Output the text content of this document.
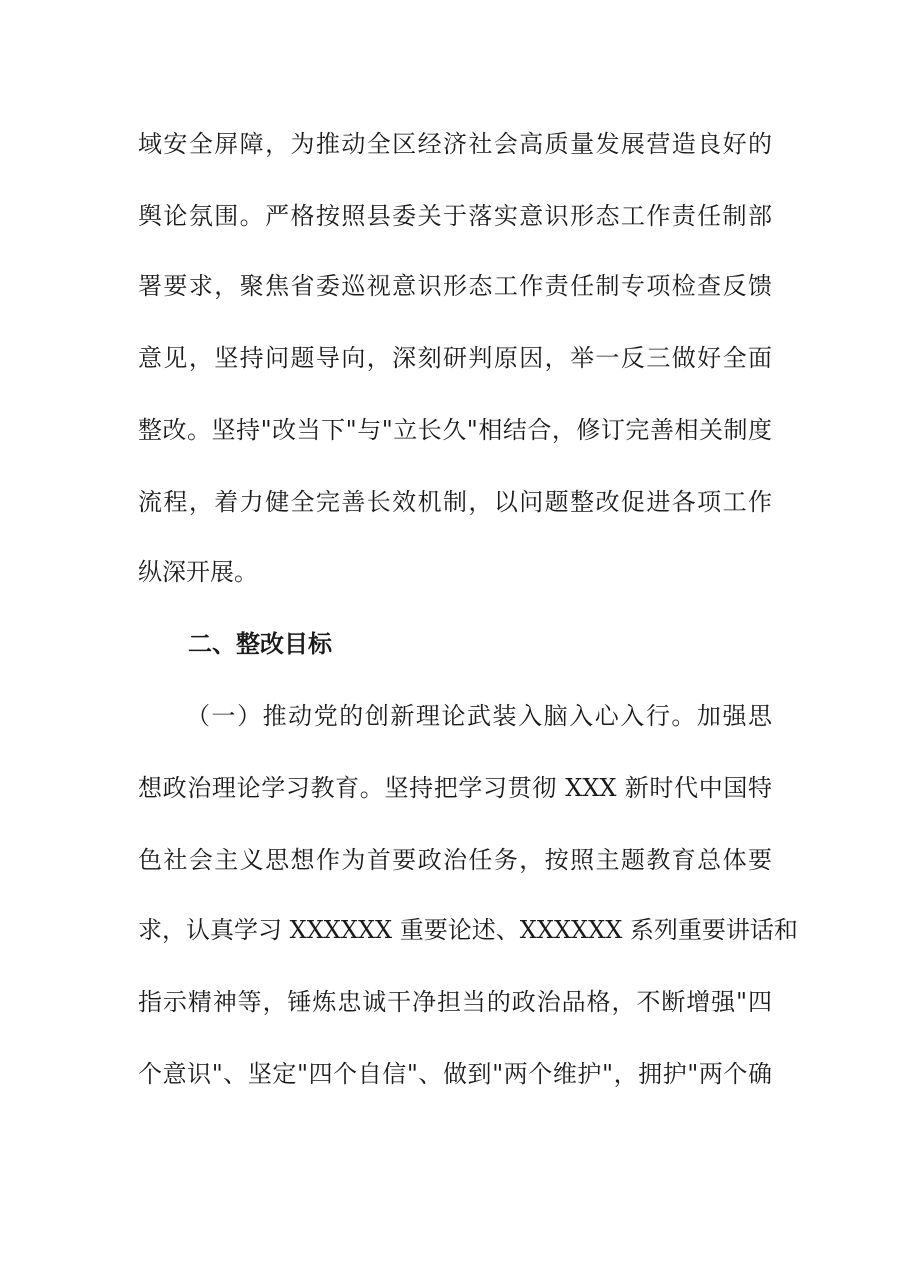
域安全屏障，为推动全区经济社会高质量发展营造良好的
舆论氛围。严格按照县委关于落实意识形态工作责任制部
署要求，聚焦省委巡视意识形态工作责任制专项检查反馈
意见，坚持问题导向，深刻研判原因，举一反三做好全面
整改。坚持"改当下"与"立长久"相结合，修订完善相关制度
流程，着力健全完善长效机制，以问题整改促进各项工作
纵深开展。
二、整改目标
（一）推动党的创新理论武装入脑入心入行。加强思
想政治理论学习教育。坚持把学习贯彻 XXX 新时代中国特
色社会主义思想作为首要政治任务，按照主题教育总体要
求，认真学习 XXXXXX 重要论述、XXXXXX 系列重要讲话和
指示精神等，锤炼忠诚干净担当的政治品格，不断增强"四
个意识"、坚定"四个自信"、做到"两个维护"，拥护"两个确
